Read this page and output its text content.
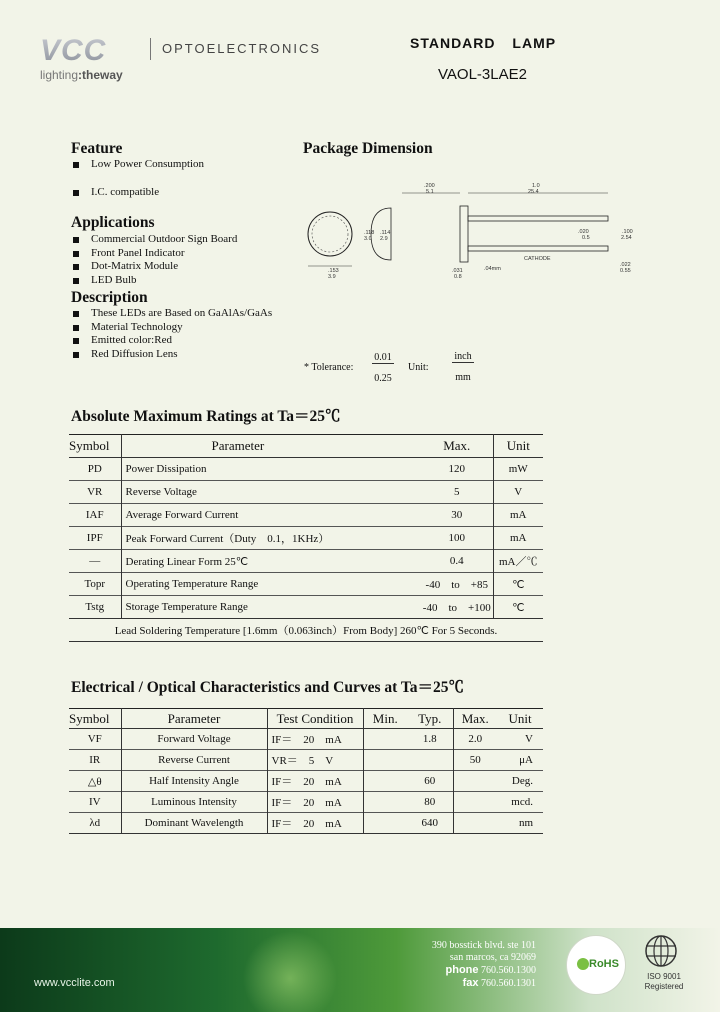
VCC	OPTOELECTRONICS
lighting:theway
STANDARD LAMP
VAOL-3LAE2
Feature
Low Power Consumption
I.C. compatible
Applications
Commercial Outdoor Sign Board
Front Panel Indicator
Dot-Matrix Module
LED Bulb
Description
These LEDs are Based on GaAlAs/GaAs
Material Technology
Emitted color:Red
Red Diffusion Lens
Package Dimension
.200
5.1
1.0
25.4
.118
3.0
.114
2.9
.020
0.5
.100
2.54
.031
0.8
.022
0.55
.153
3.9
CATHODE
.04mm
* Tolerance:
0.01
0.25
Unit:
inch
mm
Absolute Maximum Ratings at Ta＝25℃
Symbol	Parameter	Max.	Unit
PD	Power Dissipation	120	mW
VR	Reverse Voltage	5	V
IAF	Average Forward Current	30	mA
IPF	Peak Forward Current（Duty　0.1，1KHz）	100	mA
—	Derating Linear Form 25℃	0.4	mA／℃
Topr	Operating Temperature Range	-40　to　+85	℃
Tstg	Storage Temperature Range	-40　to　+100	℃
Lead Soldering Temperature [1.6mm（0.063inch）From Body] 260℃ For 5 Seconds.			
Electrical / Optical Characteristics and Curves at Ta＝25℃
Symbol	Parameter	Test Condition	Min.	Typ.	Max.	Unit
VF	Forward Voltage	IF＝　20　mA		1.8	2.0	V
IR	Reverse Current	VR＝　5　V			50	μA
△θ	Half Intensity Angle	IF＝　20　mA		60		Deg.
IV	Luminous Intensity	IF＝　20　mA		80		mcd.
λd	Dominant Wavelength	IF＝　20　mA		640		nm
www.vcclite.com
390 bosstick blvd. ste 101
san marcos, ca 92069
phone 760.560.1300
fax 760.560.1301
RoHS
ISO 9001
Registered
